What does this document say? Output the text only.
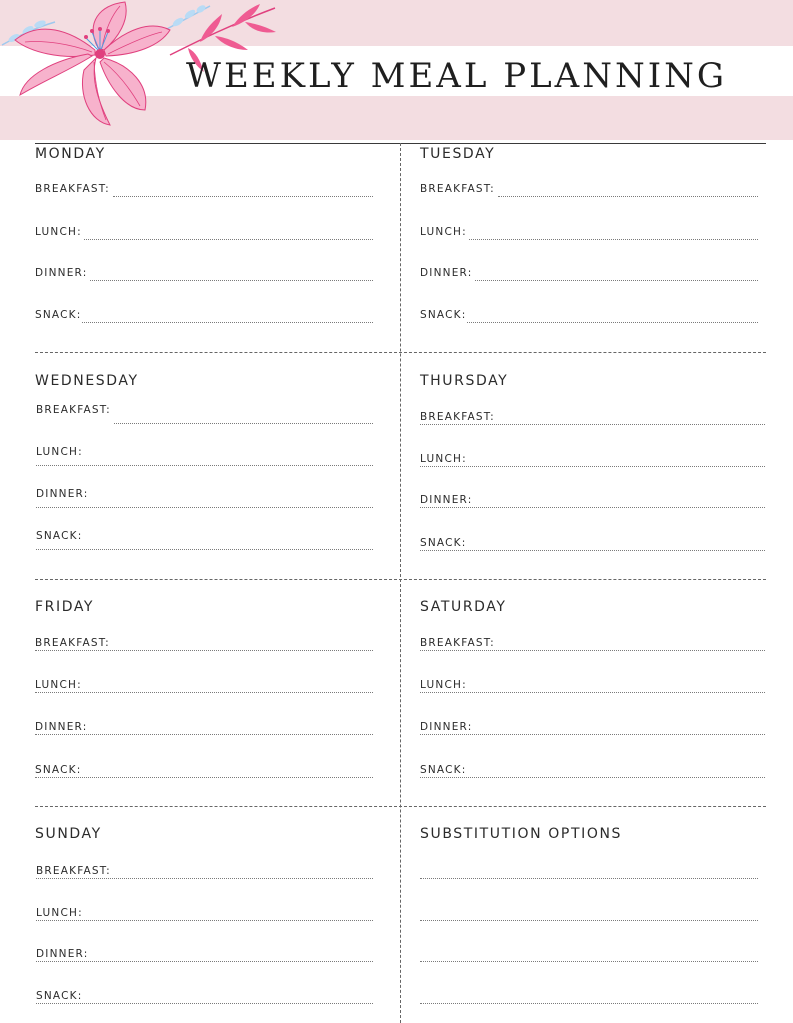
WEEKLY MEAL PLANNING
MONDAY
BREAKFAST:
LUNCH:
DINNER:
SNACK:
TUESDAY
BREAKFAST:
LUNCH:
DINNER:
SNACK:
WEDNESDAY
BREAKFAST:
LUNCH:
DINNER:
SNACK:
THURSDAY
BREAKFAST:
LUNCH:
DINNER:
SNACK:
FRIDAY
BREAKFAST:
LUNCH:
DINNER:
SNACK:
SATURDAY
BREAKFAST:
LUNCH:
DINNER:
SNACK:
SUNDAY
BREAKFAST:
LUNCH:
DINNER:
SNACK:
SUBSTITUTION OPTIONS
